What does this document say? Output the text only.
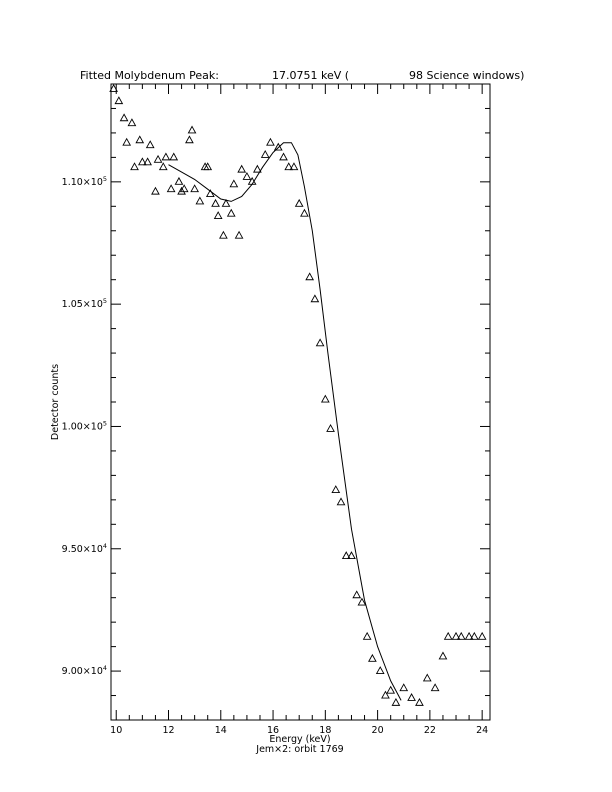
Fitted Molybdenum Peak:	17.0751 keV (	98 Science windows)
10	12	14	16	18	20	22	24
$9.00\times 10^4$
$9.50\times 10^4$
$1.00\times 10^5$
$1.05\times 10^5$
$1.10\times 10^5$
Energy (keV)
Jem×2: orbit 1769
Detector counts
